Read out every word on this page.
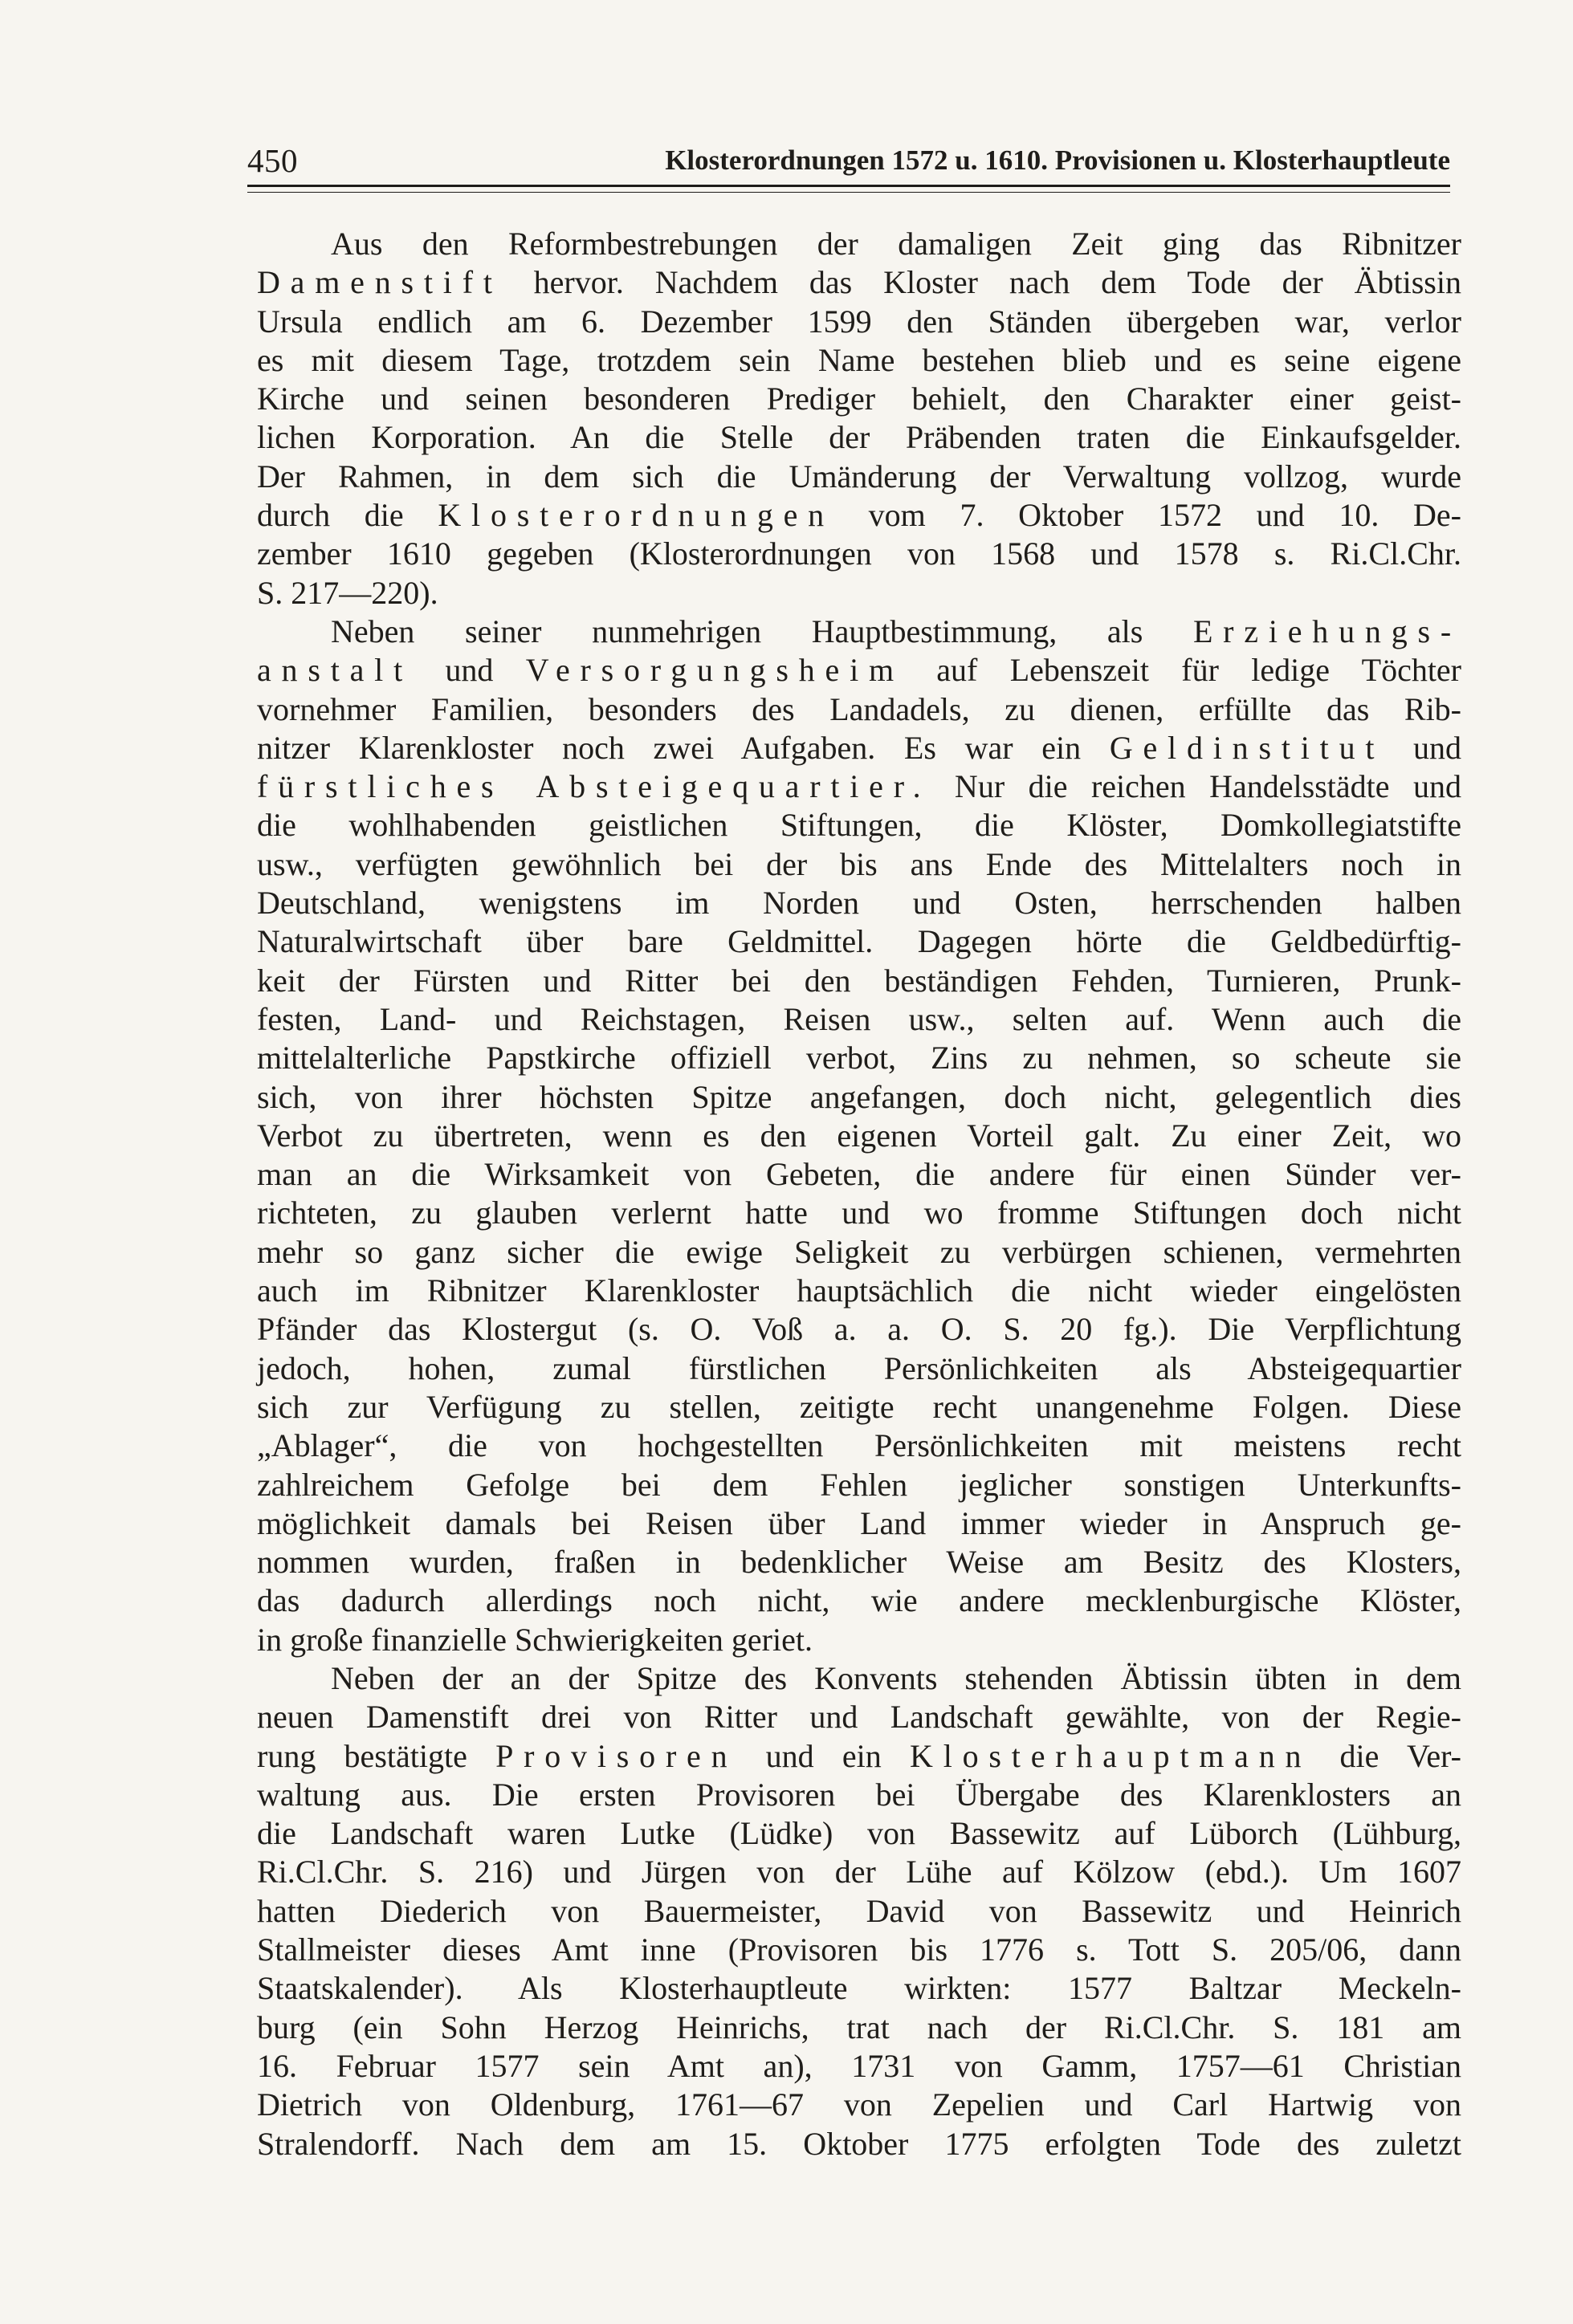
450	Klosterordnungen 1572 u. 1610. Provisionen u. Klosterhauptleute
Aus den Reformbestrebungen der damaligen Zeit ging das Ribnitzer
Damenstift hervor. Nachdem das Kloster nach dem Tode der Äbtissin
Ursula endlich am 6. Dezember 1599 den Ständen übergeben war, verlor
es mit diesem Tage, trotzdem sein Name bestehen blieb und es seine eigene
Kirche und seinen besonderen Prediger behielt, den Charakter einer geist-
lichen Korporation. An die Stelle der Präbenden traten die Einkaufsgelder.
Der Rahmen, in dem sich die Umänderung der Verwaltung vollzog, wurde
durch die Klosterordnungen vom 7. Oktober 1572 und 10. De-
zember 1610 gegeben (Klosterordnungen von 1568 und 1578 s. Ri.Cl.Chr.
S. 217—220).
Neben seiner nunmehrigen Hauptbestimmung, als Erziehungs-
anstalt und Versorgungsheim auf Lebenszeit für ledige Töchter
vornehmer Familien, besonders des Landadels, zu dienen, erfüllte das Rib-
nitzer Klarenkloster noch zwei Aufgaben. Es war ein Geldinstitut und
fürstliches Absteigequartier. Nur die reichen Handelsstädte und
die wohlhabenden geistlichen Stiftungen, die Klöster, Domkollegiatstifte
usw., verfügten gewöhnlich bei der bis ans Ende des Mittelalters noch in
Deutschland, wenigstens im Norden und Osten, herrschenden halben
Naturalwirtschaft über bare Geldmittel. Dagegen hörte die Geldbedürftig-
keit der Fürsten und Ritter bei den beständigen Fehden, Turnieren, Prunk-
festen, Land- und Reichstagen, Reisen usw., selten auf. Wenn auch die
mittelalterliche Papstkirche offiziell verbot, Zins zu nehmen, so scheute sie
sich, von ihrer höchsten Spitze angefangen, doch nicht, gelegentlich dies
Verbot zu übertreten, wenn es den eigenen Vorteil galt. Zu einer Zeit, wo
man an die Wirksamkeit von Gebeten, die andere für einen Sünder ver-
richteten, zu glauben verlernt hatte und wo fromme Stiftungen doch nicht
mehr so ganz sicher die ewige Seligkeit zu verbürgen schienen, vermehrten
auch im Ribnitzer Klarenkloster hauptsächlich die nicht wieder eingelösten
Pfänder das Klostergut (s. O. Voß a. a. O. S. 20 fg.). Die Verpflichtung
jedoch, hohen, zumal fürstlichen Persönlichkeiten als Absteigequartier
sich zur Verfügung zu stellen, zeitigte recht unangenehme Folgen. Diese
„Ablager“, die von hochgestellten Persönlichkeiten mit meistens recht
zahlreichem Gefolge bei dem Fehlen jeglicher sonstigen Unterkunfts-
möglichkeit damals bei Reisen über Land immer wieder in Anspruch ge-
nommen wurden, fraßen in bedenklicher Weise am Besitz des Klosters,
das dadurch allerdings noch nicht, wie andere mecklenburgische Klöster,
in große finanzielle Schwierigkeiten geriet.
Neben der an der Spitze des Konvents stehenden Äbtissin übten in dem
neuen Damenstift drei von Ritter und Landschaft gewählte, von der Regie-
rung bestätigte Provisoren und ein Klosterhauptmann die Ver-
waltung aus. Die ersten Provisoren bei Übergabe des Klarenklosters an
die Landschaft waren Lutke (Lüdke) von Bassewitz auf Lüborch (Lühburg,
Ri.Cl.Chr. S. 216) und Jürgen von der Lühe auf Kölzow (ebd.). Um 1607
hatten Diederich von Bauermeister, David von Bassewitz und Heinrich
Stallmeister dieses Amt inne (Provisoren bis 1776 s. Tott S. 205/06, dann
Staatskalender). Als Klosterhauptleute wirkten: 1577 Baltzar Meckeln-
burg (ein Sohn Herzog Heinrichs, trat nach der Ri.Cl.Chr. S. 181 am
16. Februar 1577 sein Amt an), 1731 von Gamm, 1757—61 Christian
Dietrich von Oldenburg, 1761—67 von Zepelien und Carl Hartwig von
Stralendorff. Nach dem am 15. Oktober 1775 erfolgten Tode des zuletzt
